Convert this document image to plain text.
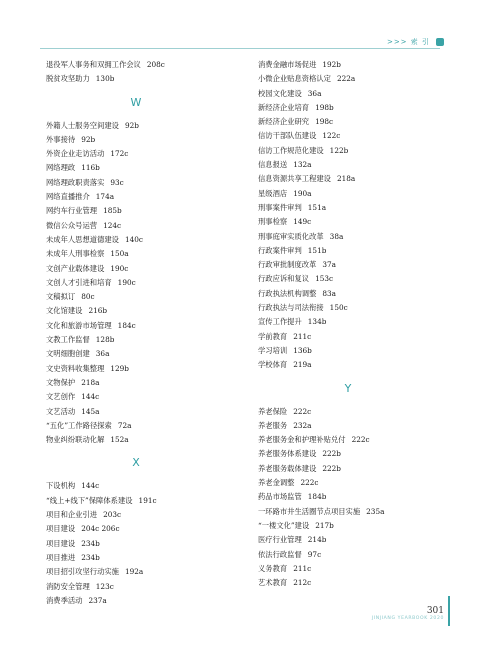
>>> 索 引
退役军人事务和双拥工作会议 208c
脱贫攻坚助力 130b
W
外籍人士服务空间建设 92b
外事接待 92b
外资企业走访活动 172c
网络理政 116b
网络理政职责落实 93c
网络直播推介 174a
网约车行业管理 185b
微信公众号运营 124c
未成年人思想道德建设 140c
未成年人刑事检察 150a
文创产业载体建设 190c
文创人才引进和培育 190c
文稿拟订 80c
文化馆建设 216b
文化和旅游市场管理 184c
文教工作监督 128b
文明细胞创建 36a
文史资料收集整理 129b
文物保护 218a
文艺创作 144c
文艺活动 145a
“五化”工作路径探索 72a
物业纠纷联动化解 152a
X
下设机构 144c
“线上+线下”保障体系建设 191c
项目和企业引进 203c
项目建设 204c 206c
项目建设 234b
项目推进 234b
项目招引攻坚行动实施 192a
消防安全管理 123c
消费季活动 237a
消费金融市场促进 192b
小微企业贴息资格认定 222a
校园文化建设 36a
新经济企业培育 198b
新经济企业研究 198c
信访干部队伍建设 122c
信访工作规范化建设 122b
信息报送 132a
信息资源共享工程建设 218a
星级酒店 190a
刑事案件审判 151a
刑事检察 149c
刑事庭审实质化改革 38a
行政案件审判 151b
行政审批制度改革 37a
行政应诉和复议 153c
行政执法机构调整 83a
行政执法与司法衔接 150c
宣传工作提升 134b
学前教育 211c
学习培训 136b
学校体育 219a
Y
养老保险 222c
养老服务 232a
养老服务金和护理补贴兑付 222c
养老服务体系建设 222b
养老服务载体建设 222b
养老金调整 222c
药品市场监管 184b
一环路市井生活圈节点项目实施 235a
“一楼文化”建设 217b
医疗行业管理 214b
依法行政监督 97c
义务教育 211c
艺术教育 212c
301
JINJIANG YEARBOOK 2020
